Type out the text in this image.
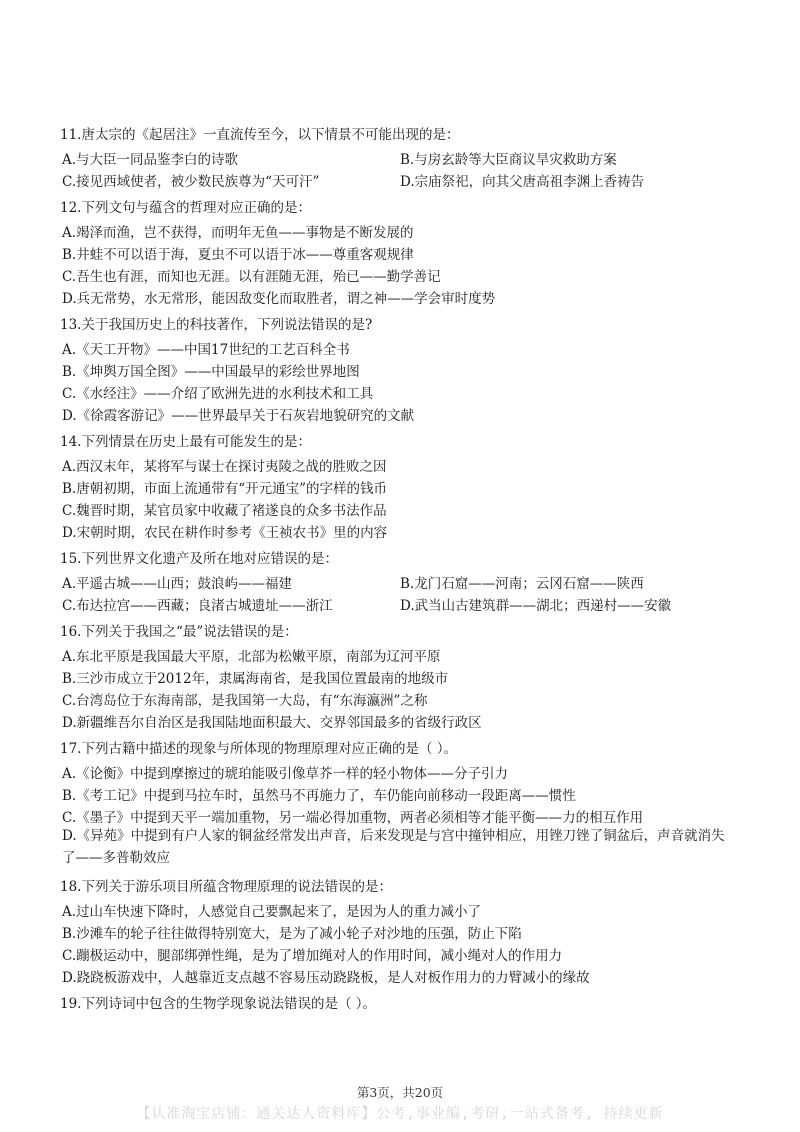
11.唐太宗的《起居注》一直流传至今，以下情景不可能出现的是：
A.与大臣一同品鉴李白的诗歌	B.与房玄龄等大臣商议旱灾救助方案
C.接见西域使者，被少数民族尊为“天可汗”	D.宗庙祭祀，向其父唐高祖李渊上香祷告
12.下列文句与蕴含的哲理对应正确的是：
A.竭泽而渔，岂不获得，而明年无鱼——事物是不断发展的
B.井蛙不可以语于海，夏虫不可以语于冰——尊重客观规律
C.吾生也有涯，而知也无涯。以有涯随无涯，殆已——勤学善记
D.兵无常势，水无常形，能因敌变化而取胜者，谓之神——学会审时度势
13.关于我国历史上的科技著作，下列说法错误的是?
A.《天工开物》——中国17世纪的工艺百科全书
B.《坤舆万国全图》——中国最早的彩绘世界地图
C.《水经注》——介绍了欧洲先进的水利技术和工具
D.《徐霞客游记》——世界最早关于石灰岩地貌研究的文献
14.下列情景在历史上最有可能发生的是：
A.西汉末年，某将军与谋士在探讨夷陵之战的胜败之因
B.唐朝初期，市面上流通带有“开元通宝”的字样的钱币
C.魏晋时期，某官员家中收藏了褚遂良的众多书法作品
D.宋朝时期，农民在耕作时参考《王祯农书》里的内容
15.下列世界文化遗产及所在地对应错误的是：
A.平遥古城——山西；鼓浪屿——福建	B.龙门石窟——河南；云冈石窟——陕西
C.布达拉宫——西藏；良渚古城遗址——浙江	D.武当山古建筑群——湖北；西递村——安徽
16.下列关于我国之“最”说法错误的是：
A.东北平原是我国最大平原，北部为松嫩平原，南部为辽河平原
B.三沙市成立于2012年，隶属海南省，是我国位置最南的地级市
C.台湾岛位于东海南部，是我国第一大岛，有“东海瀛洲”之称
D.新疆维吾尔自治区是我国陆地面积最大、交界邻国最多的省级行政区
17.下列古籍中描述的现象与所体现的物理原理对应正确的是（ ）。
A.《论衡》中提到摩擦过的琥珀能吸引像草芥一样的轻小物体——分子引力
B.《考工记》中提到马拉车时，虽然马不再施力了，车仍能向前移动一段距离——惯性
C.《墨子》中提到天平一端加重物，另一端必得加重物，两者必须相等才能平衡——力的相互作用
D.《异苑》中提到有户人家的铜盆经常发出声音，后来发现是与宫中撞钟相应，用锉刀锉了铜盆后，声音就消失了——多普勒效应
18.下列关于游乐项目所蕴含物理原理的说法错误的是：
A.过山车快速下降时，人感觉自己要飘起来了，是因为人的重力减小了
B.沙滩车的轮子往往做得特别宽大，是为了减小轮子对沙地的压强，防止下陷
C.蹦极运动中，腿部绑弹性绳，是为了增加绳对人的作用时间，减小绳对人的作用力
D.跷跷板游戏中，人越靠近支点越不容易压动跷跷板，是人对板作用力的力臂减小的缘故
19.下列诗词中包含的生物学现象说法错误的是（ ）。
第3页，共20页
【认准淘宝店铺：通关达人资料库】公考,事业编,考研,一站式备考, 持续更新
